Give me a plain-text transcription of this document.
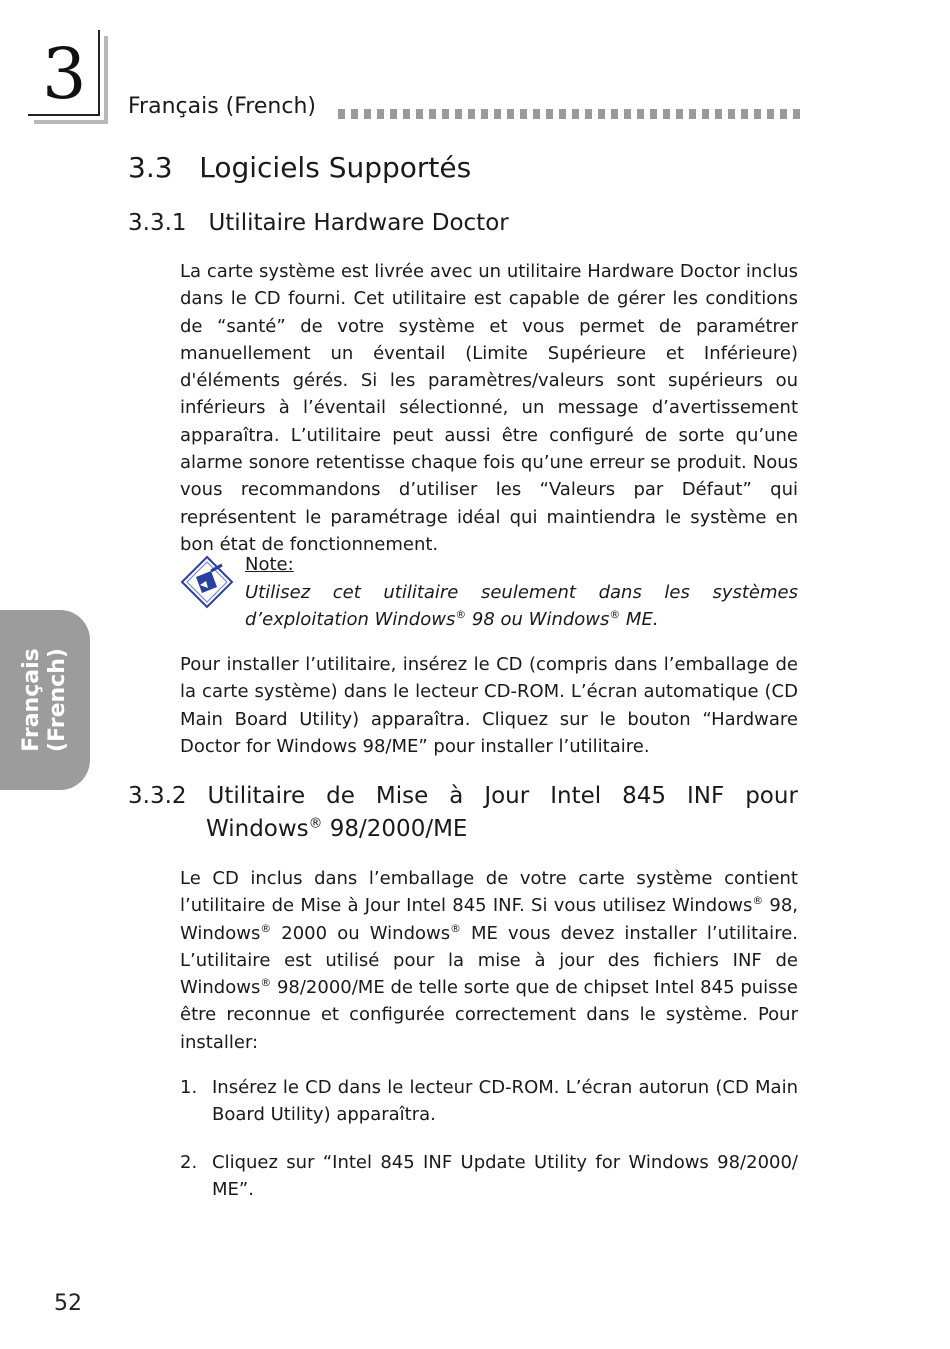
3 Français (French)
3.3   Logiciels Supportés
3.3.1   Utilitaire Hardware Doctor

La carte système est livrée avec un utilitaire Hardware Doctor inclus dans le CD fourni. Cet utilitaire est capable de gérer les conditions de “santé” de votre système et vous permet de paramétrer manuellement un éventail (Limite Supérieure et Inférieure) d'éléments gérés. Si les paramètres/valeurs sont supérieurs ou inférieurs à l’éventail sélectionné, un message d’avertissement apparaîtra. L’utilitaire peut aussi être configuré de sorte qu’une alarme sonore retentisse chaque fois qu’une erreur se produit. Nous vous recommandons d’utiliser les “Valeurs par Défaut” qui représentent le paramétrage idéal qui maintiendra le système en bon état de fonctionnement.

Note:

Utilisez cet utilitaire seulement dans les systèmes d’exploitation Windows® 98 ou Windows® ME.

Pour installer l’utilitaire, insérez le CD (compris dans l’emballage de la carte système) dans le lecteur CD-ROM. L’écran automatique (CD Main Board Utility) apparaîtra. Cliquez sur le bouton “Hardware Doctor for Windows 98/ME” pour installer l’utilitaire.

Français (French)
3.3.2 Utilitaire de Mise à Jour Intel 845 INF pour
Windows® 98/2000/ME

Le CD inclus dans l’emballage de votre carte système contient l’utilitaire de Mise à Jour Intel 845 INF. Si vous utilisez Windows® 98, Windows® 2000 ou Windows® ME vous devez installer l’utilitaire. L’utilitaire est utilisé pour la mise à jour des fichiers INF de Windows® 98/2000/ME de telle sorte que de chipset Intel 845 puisse être reconnue et configurée correctement dans le système. Pour installer:

1. Insérez le CD dans le lecteur CD-ROM. L’écran autorun (CD Main Board Utility) apparaîtra.
2. Cliquez sur “Intel 845 INF Update Utility for Windows 98/2000/ ME”.
52
